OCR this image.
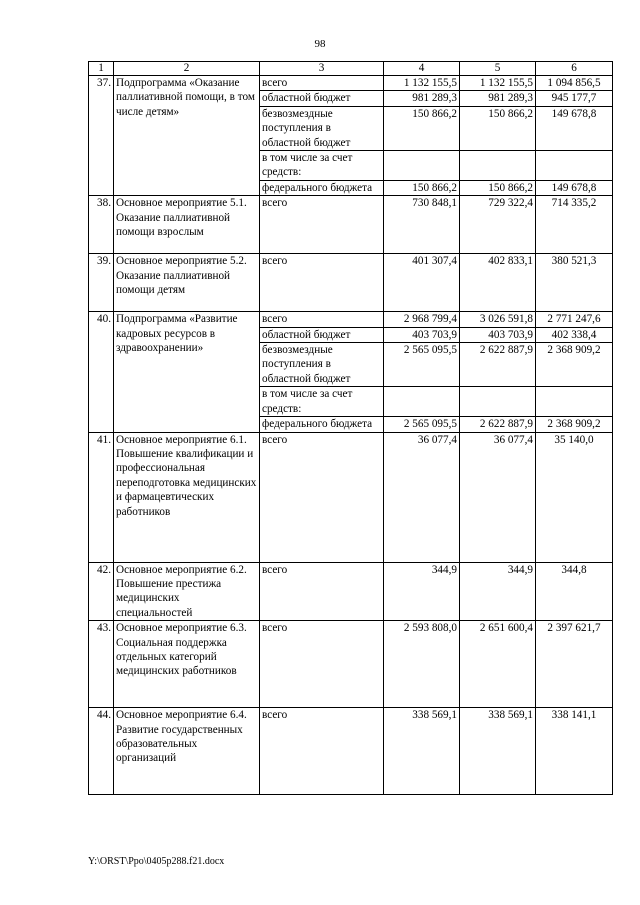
98
1	2	3	4	5	6
37.	Подпрограмма «Оказание паллиативной помощи, в том числе детям»	всего	1 132 155,5	1 132 155,5	1 094 856,5
		областной бюджет	981 289,3	981 289,3	945 177,7
		безвозмездные поступления в областной бюджет	150 866,2	150 866,2	149 678,8
		в том числе за счет средств:			
		федерального бюджета	150 866,2	150 866,2	149 678,8
38.	Основное мероприятие 5.1. Оказание паллиативной помощи взрослым	всего	730 848,1	729 322,4	714 335,2
39.	Основное мероприятие 5.2. Оказание паллиативной помощи детям	всего	401 307,4	402 833,1	380 521,3
40.	Подпрограмма «Развитие кадровых ресурсов в здравоохранении»	всего	2 968 799,4	3 026 591,8	2 771 247,6
		областной бюджет	403 703,9	403 703,9	402 338,4
		безвозмездные поступления в областной бюджет	2 565 095,5	2 622 887,9	2 368 909,2
		в том числе за счет средств:			
		федерального бюджета	2 565 095,5	2 622 887,9	2 368 909,2
41.	Основное мероприятие 6.1. Повышение квалификации и профессиональная переподготовка медицинских и фармацевтических работников	всего	36 077,4	36 077,4	35 140,0
42.	Основное мероприятие 6.2. Повышение престижа медицинских специальностей	всего	344,9	344,9	344,8
43.	Основное мероприятие 6.3. Социальная поддержка отдельных категорий медицинских работников	всего	2 593 808,0	2 651 600,4	2 397 621,7
44.	Основное мероприятие 6.4. Развитие государственных образовательных организаций	всего	338 569,1	338 569,1	338 141,1
Y:\ORST\Ppo\0405p288.f21.docx
